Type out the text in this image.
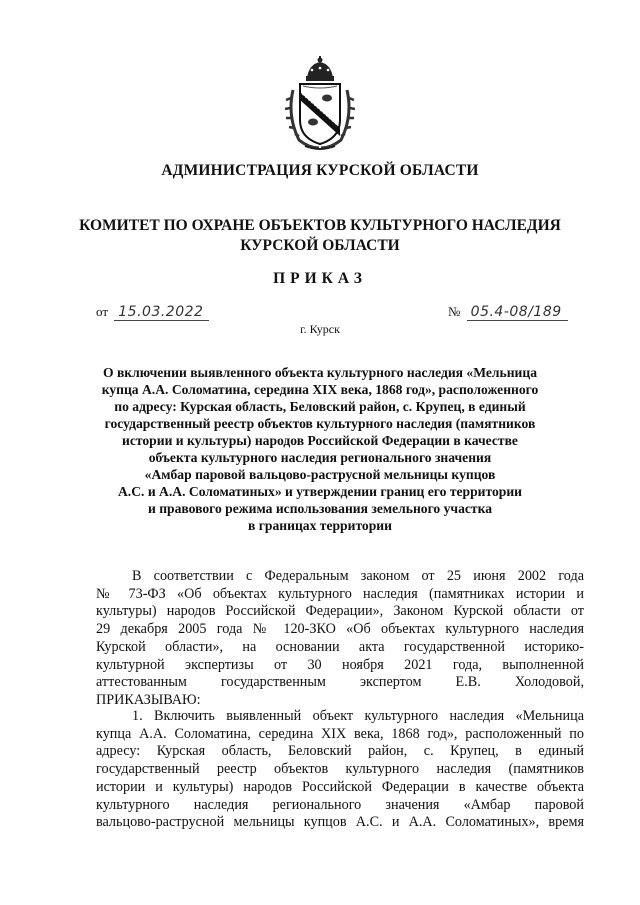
АДМИНИСТРАЦИЯ КУРСКОЙ ОБЛАСТИ
КОМИТЕТ ПО ОХРАНЕ ОБЪЕКТОВ КУЛЬТУРНОГО НАСЛЕДИЯ
КУРСКОЙ ОБЛАСТИ
ПРИКАЗ
от 15.03.2022	№ 05.4-08/189
г. Курск
О включении выявленного объекта культурного наследия «Мельница
купца А.А. Соломатина, середина XIX века, 1868 год», расположенного
по адресу: Курская область, Беловский район, с. Крупец, в единый
государственный реестр объектов культурного наследия (памятников
истории и культуры) народов Российской Федерации в качестве
объекта культурного наследия регионального значения
«Амбар паровой вальцово-раструсной мельницы купцов
А.С. и А.А. Соломатиных» и утверждении границ его территории
и правового режима использования земельного участка
в границах территории
В соответствии с Федеральным законом от 25 июня 2002 года
№ 73-ФЗ «Об объектах культурного наследия (памятниках истории и
культуры) народов Российской Федерации», Законом Курской области от
29 декабря 2005 года № 120-ЗКО «Об объектах культурного наследия
Курской области», на основании акта государственной историко-
культурной экспертизы от 30 ноября 2021 года, выполненной
аттестованным государственным экспертом Е.В. Холодовой,
ПРИКАЗЫВАЮ:
1. Включить выявленный объект культурного наследия «Мельница
купца А.А. Соломатина, середина XIX века, 1868 год», расположенный по
адресу: Курская область, Беловский район, с. Крупец, в единый
государственный реестр объектов культурного наследия (памятников
истории и культуры) народов Российской Федерации в качестве объекта
культурного наследия регионального значения «Амбар паровой
вальцово-раструсной мельницы купцов А.С. и А.А. Соломатиных», время
